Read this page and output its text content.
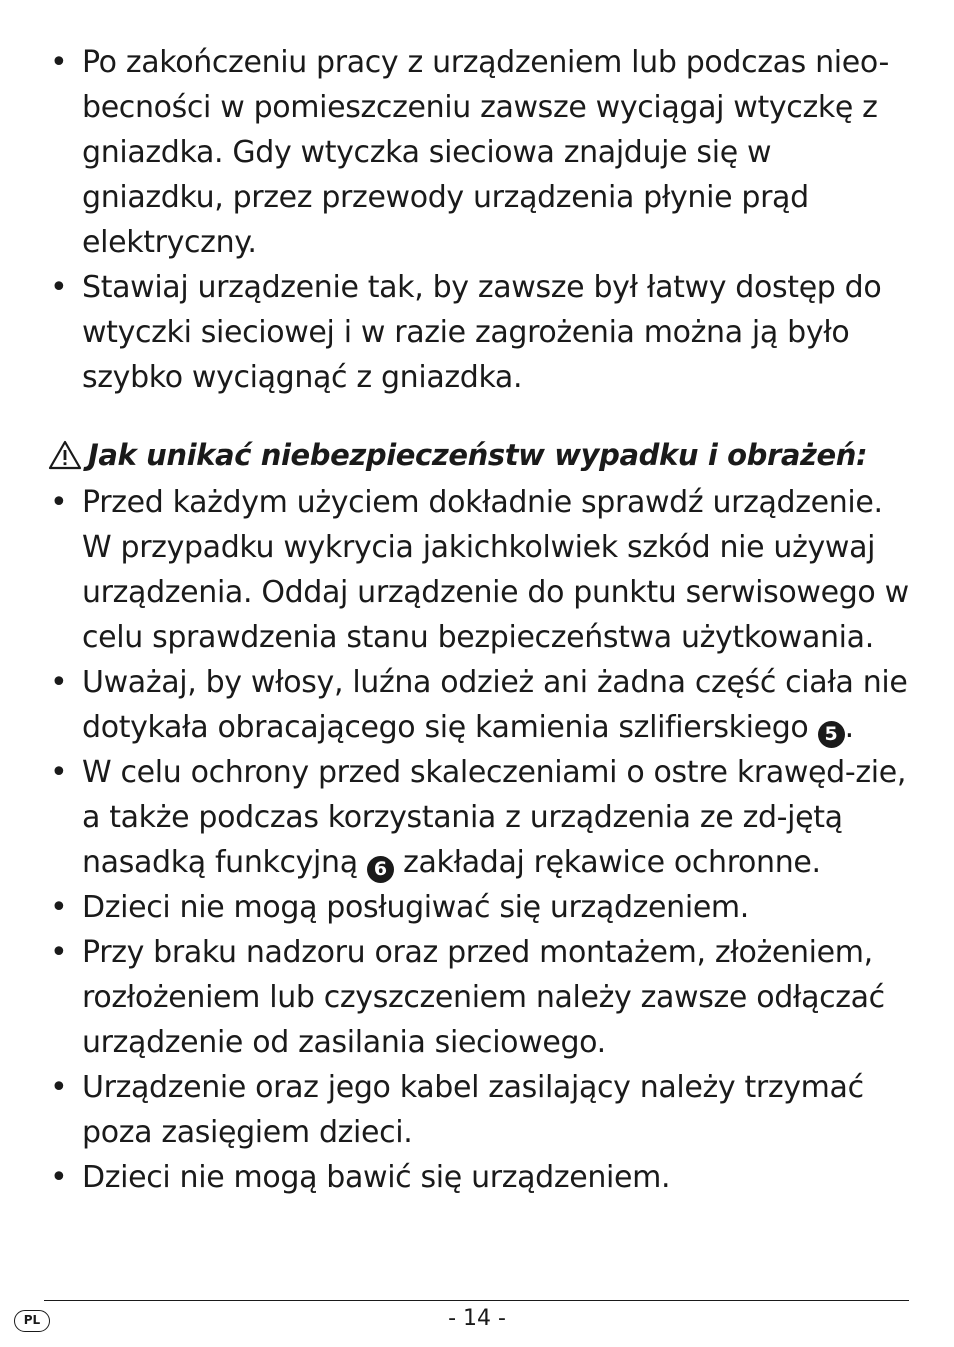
• Po zakończeniu pracy z urządzeniem lub podczas nieo-becności w pomieszczeniu zawsze wyciągaj wtyczkę z gniazdka. Gdy wtyczka sieciowa znajduje się w gniazdku, przez przewody urządzenia płynie prąd elektryczny.
• Stawiaj urządzenie tak, by zawsze był łatwy dostęp do wtyczki sieciowej i w razie zagrożenia można ją było szybko wyciągnąć z gniazdka.
Jak unikać niebezpieczeństw wypadku i obrażeń:
• Przed każdym użyciem dokładnie sprawdź urządzenie. W przypadku wykrycia jakichkolwiek szkód nie używaj urządzenia. Oddaj urządzenie do punktu serwisowego w celu sprawdzenia stanu bezpieczeństwa użytkowania.
• Uważaj, by włosy, luźna odzież ani żadna część ciała nie dotykała obracającego się kamienia szlifierskiego 5 .
• W celu ochrony przed skaleczeniami o ostre krawęd-zie, a także podczas korzystania z urządzenia ze zd-jętą nasadką funkcyjną 6 zakładaj rękawice ochronne.
• Dzieci nie mogą posługiwać się urządzeniem.
• Przy braku nadzoru oraz przed montażem, złożeniem, rozłożeniem lub czyszczeniem należy zawsze odłączać urządzenie od zasilania sieciowego.
• Urządzenie oraz jego kabel zasilający należy trzymać poza zasięgiem dzieci.
• Dzieci nie mogą bawić się urządzeniem.
PL	- 14 -
